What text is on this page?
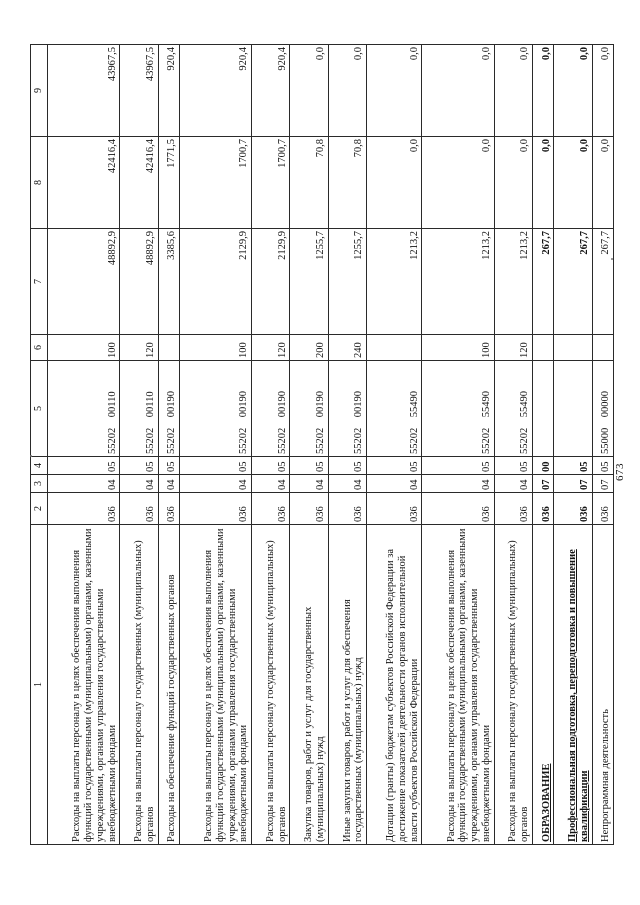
673
1	2	3	4	5	6	7	8	9
Расходы на выплаты персоналу в целях обеспечения выполнения функций государственными (муниципальными) органами, казенными учреждениями, органами управления государственными внебюджетными фондами	036	04	05	55202    00110	100	48892,9	42416,4	43967,5
Расходы на выплаты персоналу государственных (муниципальных) органов	036	04	05	55202    00110	120	48892,9	42416,4	43967,5
Расходы на обеспечение функций государственных органов	036	04	05	55202    00190		3385,6	1771,5	920,4
Расходы на выплаты персоналу в целях обеспечения выполнения функций государственными (муниципальными) органами, казенными учреждениями, органами управления государственными внебюджетными фондами	036	04	05	55202    00190	100	2129,9	1700,7	920,4
Расходы на выплаты персоналу государственных (муниципальных) органов	036	04	05	55202    00190	120	2129,9	1700,7	920,4
Закупка товаров, работ и услуг для государственных (муниципальных) нужд	036	04	05	55202    00190	200	1255,7	70,8	0,0
Иные закупки товаров, работ и услуг для обеспечения государственных (муниципальных) нужд	036	04	05	55202    00190	240	1255,7	70,8	0,0
Дотации (гранты) бюджетам субъектов Российской Федерации за достижение показателей деятельности органов исполнительной власти субъектов Российской Федерации	036	04	05	55202    55490		1213,2	0,0	0,0
Расходы на выплаты персоналу в целях обеспечения выполнения функций государственными (муниципальными) органами, казенными учреждениями, органами управления государственными внебюджетными фондами	036	04	05	55202    55490	100	1213,2	0,0	0,0
Расходы на выплаты персоналу государственных (муниципальных) органов	036	04	05	55202    55490	120	1213,2	0,0	0,0
ОБРАЗОВАНИЕ	036	07	00			267,7	0,0	0,0
Профессиональная подготовка, переподготовка и повышение квалификации	036	07	05			267,7	0,0	0,0
Непрограммная деятельность	036	07	05	55000    00000		267,7	0,0	0,0
